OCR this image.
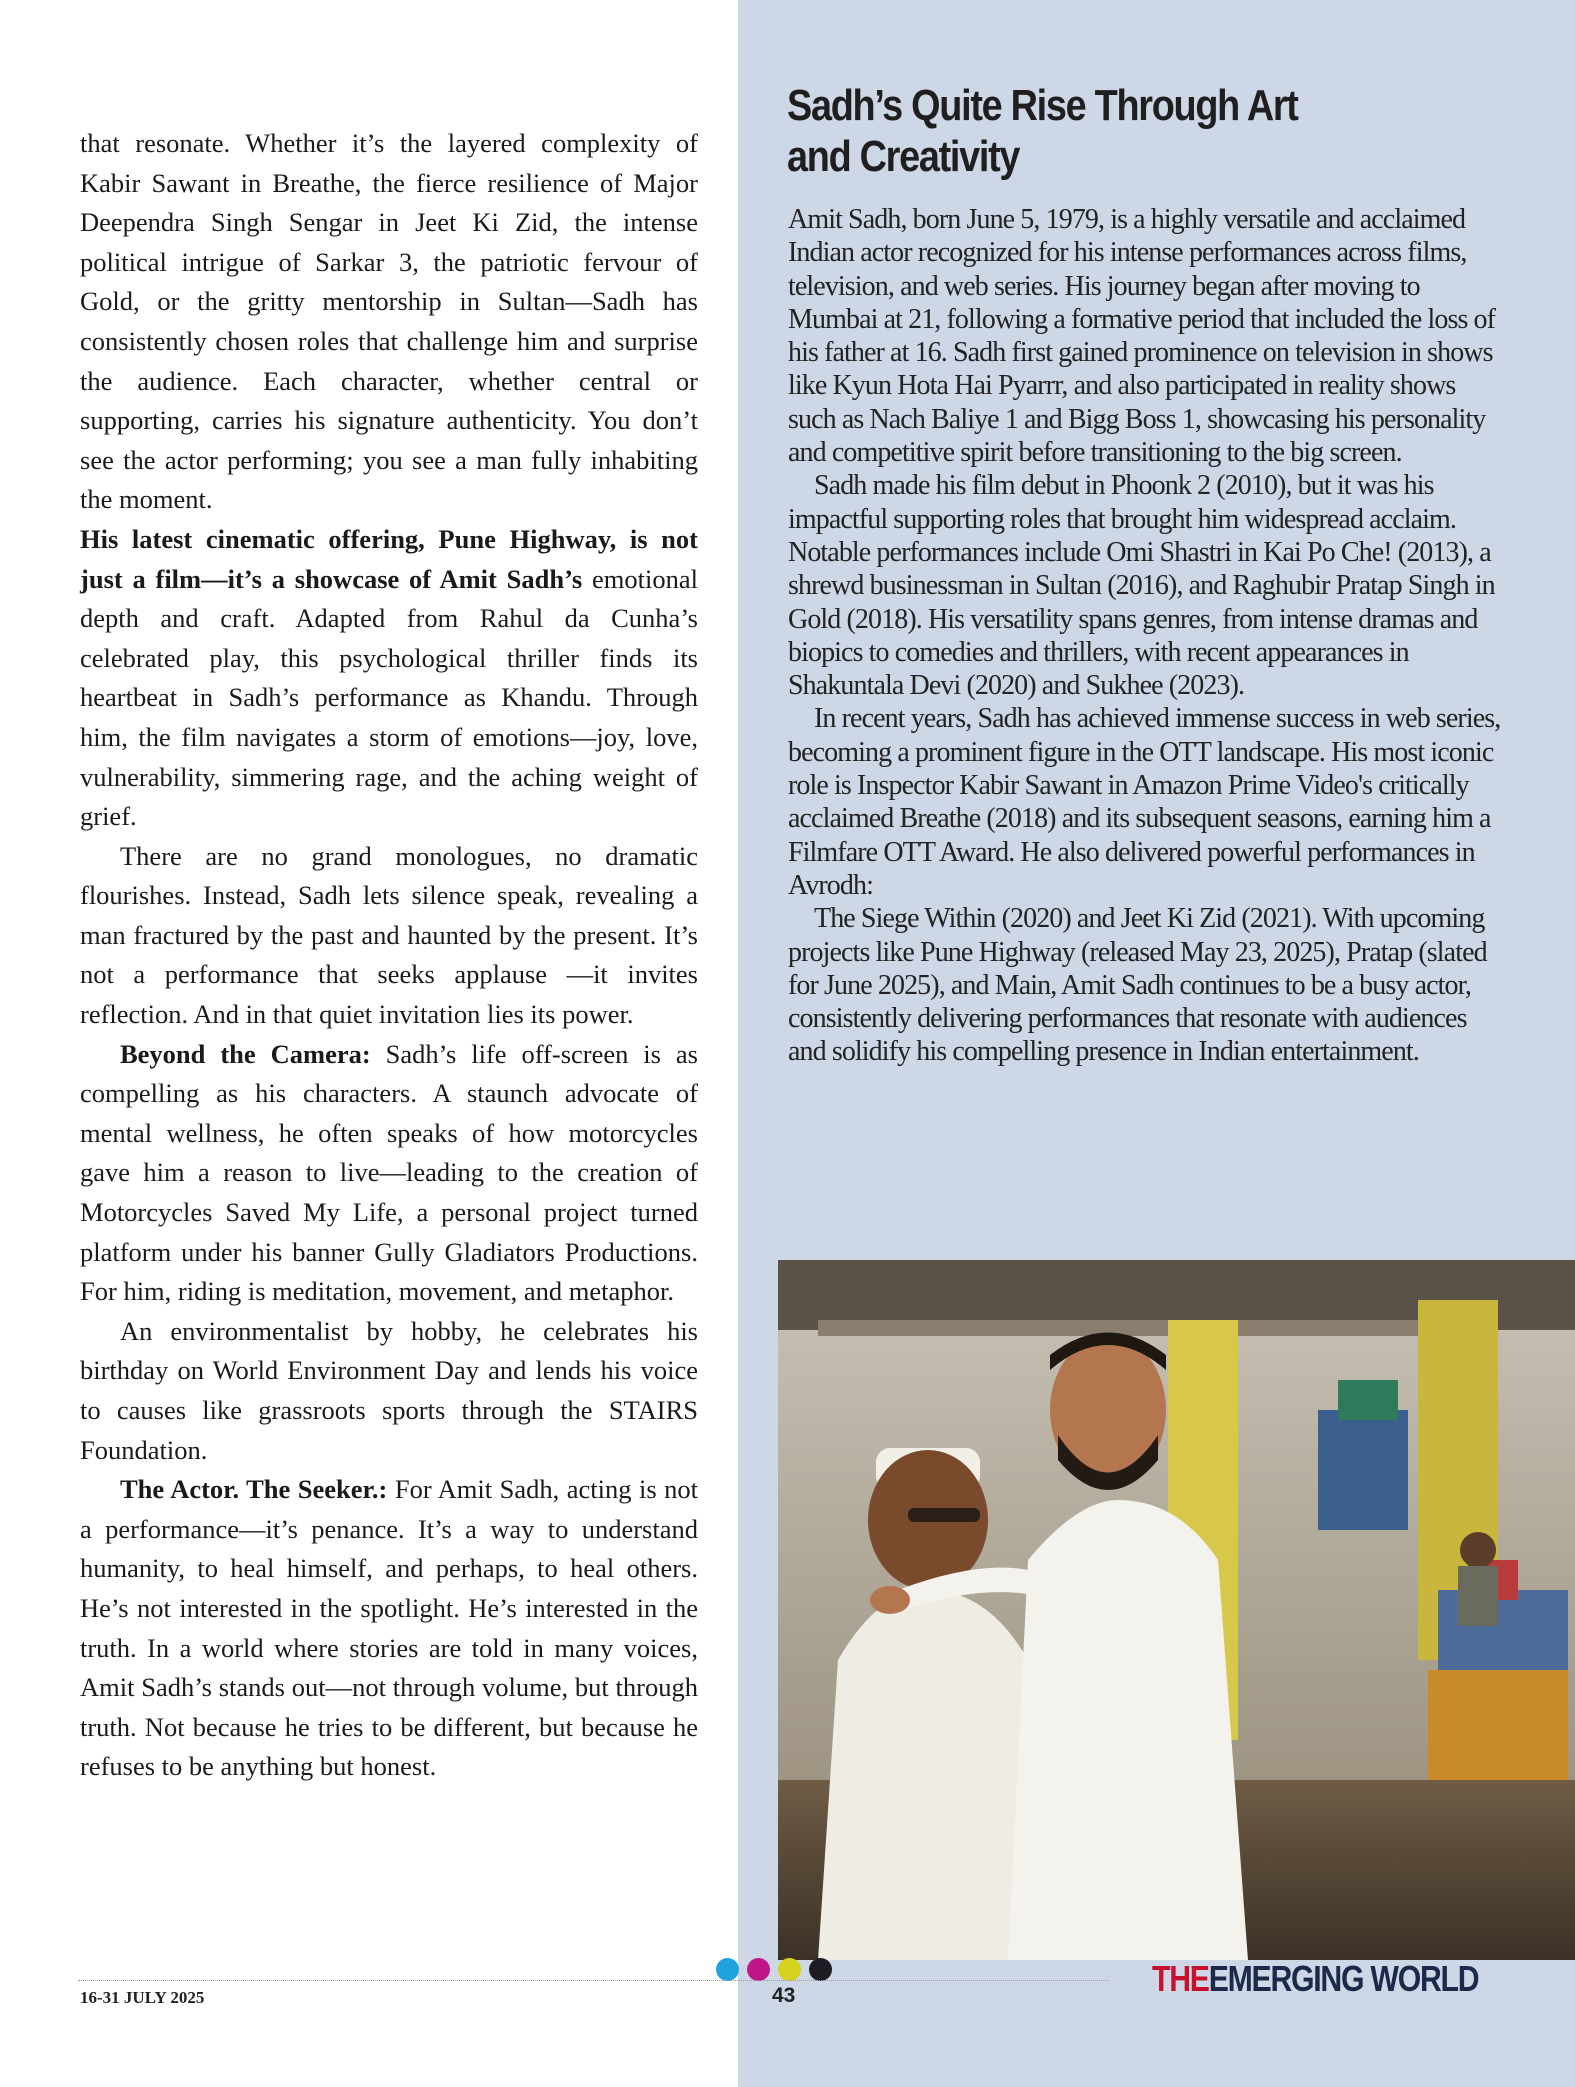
that resonate. Whether it’s the layered complexity of Kabir Sawant in Breathe, the fierce resilience of Major Deependra Singh Sengar in Jeet Ki Zid, the intense political intrigue of Sarkar 3, the patriotic fervour of Gold, or the gritty mentorship in Sultan—Sadh has consistently chosen roles that challenge him and surprise the audience. Each character, whether central or supporting, carries his signature authenticity. You don’t see the actor performing; you see a man fully inhabiting the moment.

His latest cinematic offering, Pune Highway, is not just a film—it’s a showcase of Amit Sadh’s emotional depth and craft. Adapted from Rahul da Cunha’s celebrated play, this psychological thriller finds its heartbeat in Sadh’s performance as Khandu. Through him, the film navigates a storm of emotions—joy, love, vulnerability, simmering rage, and the aching weight of grief.

There are no grand monologues, no dramatic flourishes. Instead, Sadh lets silence speak, revealing a man fractured by the past and haunted by the present. It’s not a performance that seeks applause —it invites reflection. And in that quiet invitation lies its power.

Beyond the Camera: Sadh’s life off-screen is as compelling as his characters. A staunch advocate of mental wellness, he often speaks of how motorcycles gave him a reason to live—leading to the creation of Motorcycles Saved My Life, a personal project turned platform under his banner Gully Gladiators Productions. For him, riding is meditation, movement, and metaphor.

An environmentalist by hobby, he celebrates his birthday on World Environment Day and lends his voice to causes like grassroots sports through the STAIRS Foundation.

The Actor. The Seeker.: For Amit Sadh, acting is not a performance—it’s penance. It’s a way to understand humanity, to heal himself, and perhaps, to heal others. He’s not interested in the spotlight. He’s interested in the truth. In a world where stories are told in many voices, Amit Sadh’s stands out—not through volume, but through truth. Not because he tries to be different, but because he refuses to be anything but honest.

Sadh’s Quite Rise Through Art
and Creativity

Amit Sadh, born June 5, 1979, is a highly versatile and acclaimed Indian actor recognized for his intense performances across films, television, and web series. His journey began after moving to Mumbai at 21, following a formative period that included the loss of his father at 16. Sadh first gained prominence on television in shows like Kyun Hota Hai Pyarrr, and also participated in reality shows such as Nach Baliye 1 and Bigg Boss 1, showcasing his personality and competitive spirit before transitioning to the big screen.

Sadh made his film debut in Phoonk 2 (2010), but it was his impactful supporting roles that brought him widespread acclaim. Notable performances include Omi Shastri in Kai Po Che! (2013), a shrewd businessman in Sultan (2016), and Raghubir Pratap Singh in Gold (2018). His versatility spans genres, from intense dramas and biopics to comedies and thrillers, with recent appearances in Shakuntala Devi (2020) and Sukhee (2023).

In recent years, Sadh has achieved immense success in web series, becoming a prominent figure in the OTT landscape. His most iconic role is Inspector Kabir Sawant in Amazon Prime Video's critically acclaimed Breathe (2018) and its subsequent seasons, earning him a Filmfare OTT Award. He also delivered powerful performances in Avrodh:

The Siege Within (2020) and Jeet Ki Zid (2021). With upcoming projects like Pune Highway (released May 23, 2025), Pratap (slated for June 2025), and Main, Amit Sadh continues to be a busy actor, consistently delivering performances that resonate with audiences and solidify his compelling presence in Indian entertainment.

16-31 JULY 2025	43	THEEMERGING WORLD
